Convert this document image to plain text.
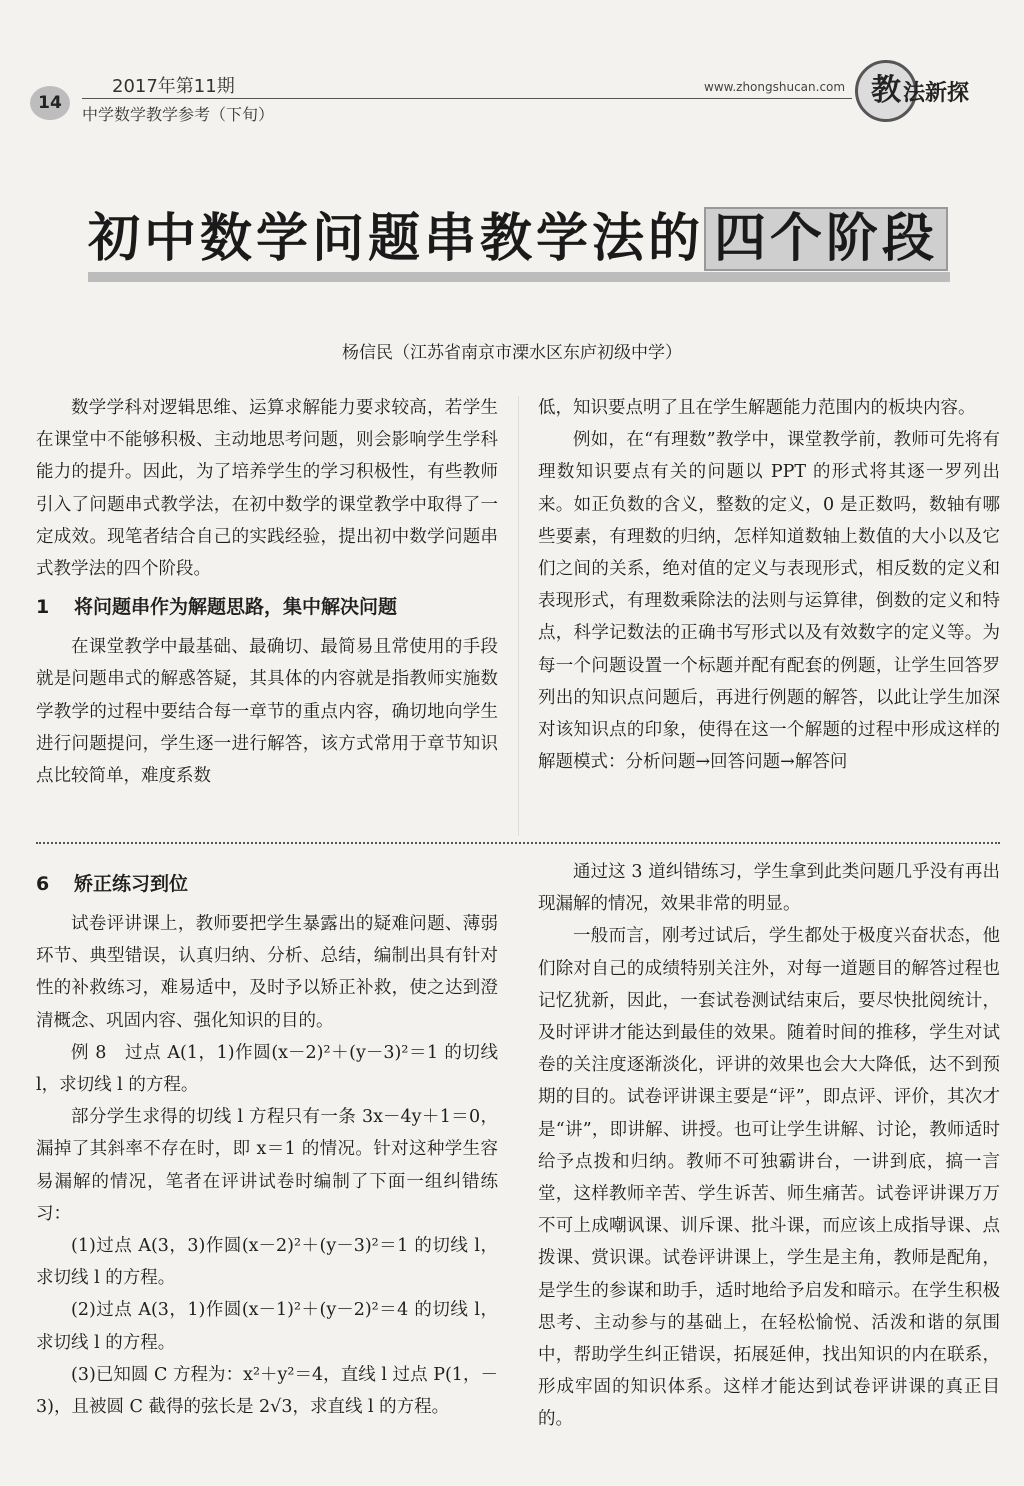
14
2017年第11期
中学数学教学参考（下旬）
www.zhongshucan.com 教 法新探
初中数学问题串教学法的 四个阶段
杨信民（江苏省南京市溧水区东庐初级中学）

数学学科对逻辑思维、运算求解能力要求较高，若学生在课堂中不能够积极、主动地思考问题，则会影响学生学科能力的提升。因此，为了培养学生的学习积极性，有些教师引入了问题串式教学法，在初中数学的课堂教学中取得了一定成效。现笔者结合自己的实践经验，提出初中数学问题串式教学法的四个阶段。

1 将问题串作为解题思路，集中解决问题

在课堂教学中最基础、最确切、最简易且常使用的手段就是问题串式的解惑答疑，其具体的内容就是指教师实施数学教学的过程中要结合每一章节的重点内容，确切地向学生进行问题提问，学生逐一进行解答，该方式常用于章节知识点比较简单，难度系数

低，知识要点明了且在学生解题能力范围内的板块内容。

例如，在“有理数”教学中，课堂教学前，教师可先将有理数知识要点有关的问题以 PPT 的形式将其逐一罗列出来。如正负数的含义，整数的定义，0 是正数吗，数轴有哪些要素，有理数的归纳，怎样知道数轴上数值的大小以及它们之间的关系，绝对值的定义与表现形式，相反数的定义和表现形式，有理数乘除法的法则与运算律，倒数的定义和特点，科学记数法的正确书写形式以及有效数字的定义等。为每一个问题设置一个标题并配有配套的例题，让学生回答罗列出的知识点问题后，再进行例题的解答，以此让学生加深对该知识点的印象，使得在这一个解题的过程中形成这样的解题模式：分析问题→回答问题→解答问

6 矫正练习到位

试卷评讲课上，教师要把学生暴露出的疑难问题、薄弱环节、典型错误，认真归纳、分析、总结，编制出具有针对性的补救练习，难易适中，及时予以矫正补救，使之达到澄清概念、巩固内容、强化知识的目的。

例 8　过点 A(1，1)作圆(x－2)²＋(y－3)²＝1 的切线 l，求切线 l 的方程。

部分学生求得的切线 l 方程只有一条 3x－4y＋1＝0，漏掉了其斜率不存在时，即 x＝1 的情况。针对这种学生容易漏解的情况，笔者在评讲试卷时编制了下面一组纠错练习：

(1)过点 A(3，3)作圆(x－2)²＋(y－3)²＝1 的切线 l，求切线 l 的方程。

(2)过点 A(3，1)作圆(x－1)²＋(y－2)²＝4 的切线 l，求切线 l 的方程。

(3)已知圆 C 方程为：x²＋y²＝4，直线 l 过点 P(1，－3)，且被圆 C 截得的弦长是 2√3，求直线 l 的方程。

通过这 3 道纠错练习，学生拿到此类问题几乎没有再出现漏解的情况，效果非常的明显。

一般而言，刚考过试后，学生都处于极度兴奋状态，他们除对自己的成绩特别关注外，对每一道题目的解答过程也记忆犹新，因此，一套试卷测试结束后，要尽快批阅统计，及时评讲才能达到最佳的效果。随着时间的推移，学生对试卷的关注度逐渐淡化，评讲的效果也会大大降低，达不到预期的目的。试卷评讲课主要是“评”，即点评、评价，其次才是“讲”，即讲解、讲授。也可让学生讲解、讨论，教师适时给予点拨和归纳。教师不可独霸讲台，一讲到底，搞一言堂，这样教师辛苦、学生诉苦、师生痛苦。试卷评讲课万万不可上成嘲讽课、训斥课、批斗课，而应该上成指导课、点拨课、赏识课。试卷评讲课上，学生是主角，教师是配角，是学生的参谋和助手，适时地给予启发和暗示。在学生积极思考、主动参与的基础上，在轻松愉悦、活泼和谐的氛围中，帮助学生纠正错误，拓展延伸，找出知识的内在联系，形成牢固的知识体系。这样才能达到试卷评讲课的真正目的。
